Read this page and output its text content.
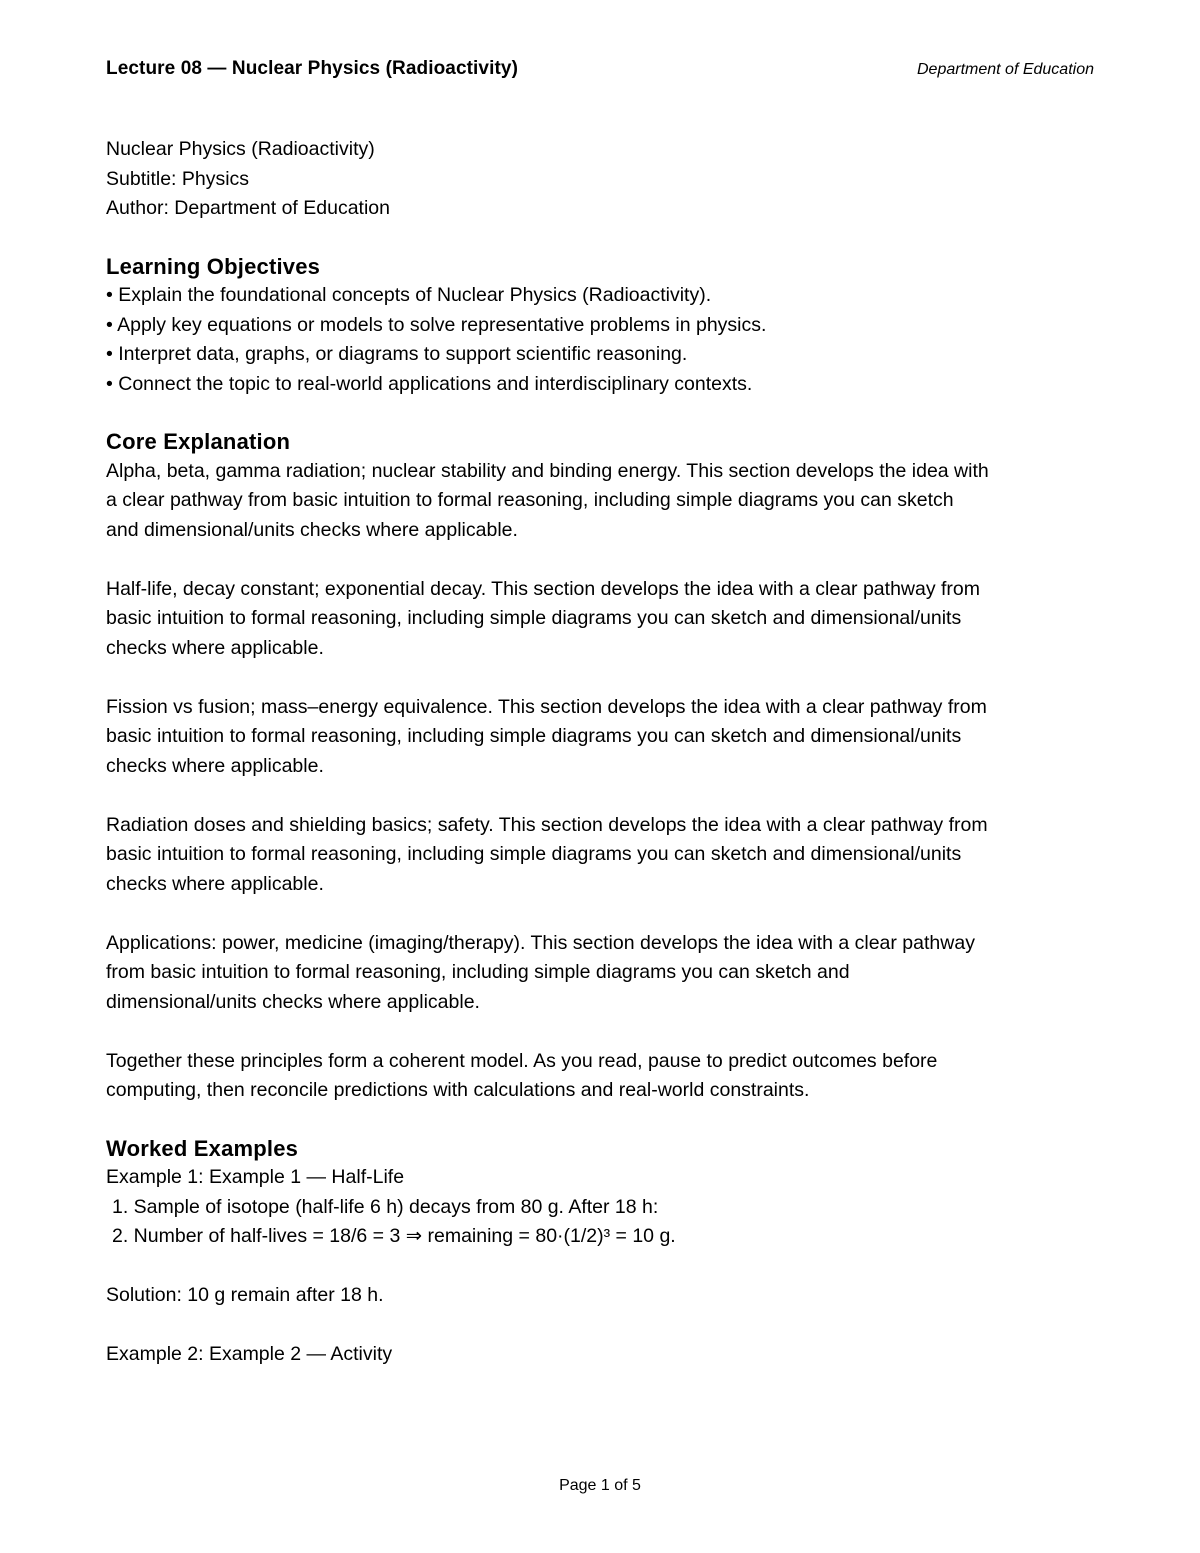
Lecture 08 — Nuclear Physics (Radioactivity)	Department of Education

Nuclear Physics (Radioactivity)

Subtitle: Physics

Author: Department of Education

Learning Objectives
• Explain the foundational concepts of Nuclear Physics (Radioactivity).
• Apply key equations or models to solve representative problems in physics.
• Interpret data, graphs, or diagrams to support scientific reasoning.
• Connect the topic to real-world applications and interdisciplinary contexts.
Core Explanation

Alpha, beta, gamma radiation; nuclear stability and binding energy. This section develops the idea with a clear pathway from basic intuition to formal reasoning, including simple diagrams you can sketch and dimensional/units checks where applicable.

Half-life, decay constant; exponential decay. This section develops the idea with a clear pathway from basic intuition to formal reasoning, including simple diagrams you can sketch and dimensional/units checks where applicable.

Fission vs fusion; mass–energy equivalence. This section develops the idea with a clear pathway from basic intuition to formal reasoning, including simple diagrams you can sketch and dimensional/units checks where applicable.

Radiation doses and shielding basics; safety. This section develops the idea with a clear pathway from basic intuition to formal reasoning, including simple diagrams you can sketch and dimensional/units checks where applicable.

Applications: power, medicine (imaging/therapy). This section develops the idea with a clear pathway from basic intuition to formal reasoning, including simple diagrams you can sketch and dimensional/units checks where applicable.

Together these principles form a coherent model. As you read, pause to predict outcomes before computing, then reconcile predictions with calculations and real-world constraints.

Worked Examples

Example 1: Example 1 — Half-Life

1. Sample of isotope (half-life 6 h) decays from 80 g. After 18 h:
2. Number of half-lives = 18/6 = 3 ⇒ remaining = 80·(1/2)³ = 10 g.

Solution: 10 g remain after 18 h.

Example 2: Example 2 — Activity

Page 1 of 5
